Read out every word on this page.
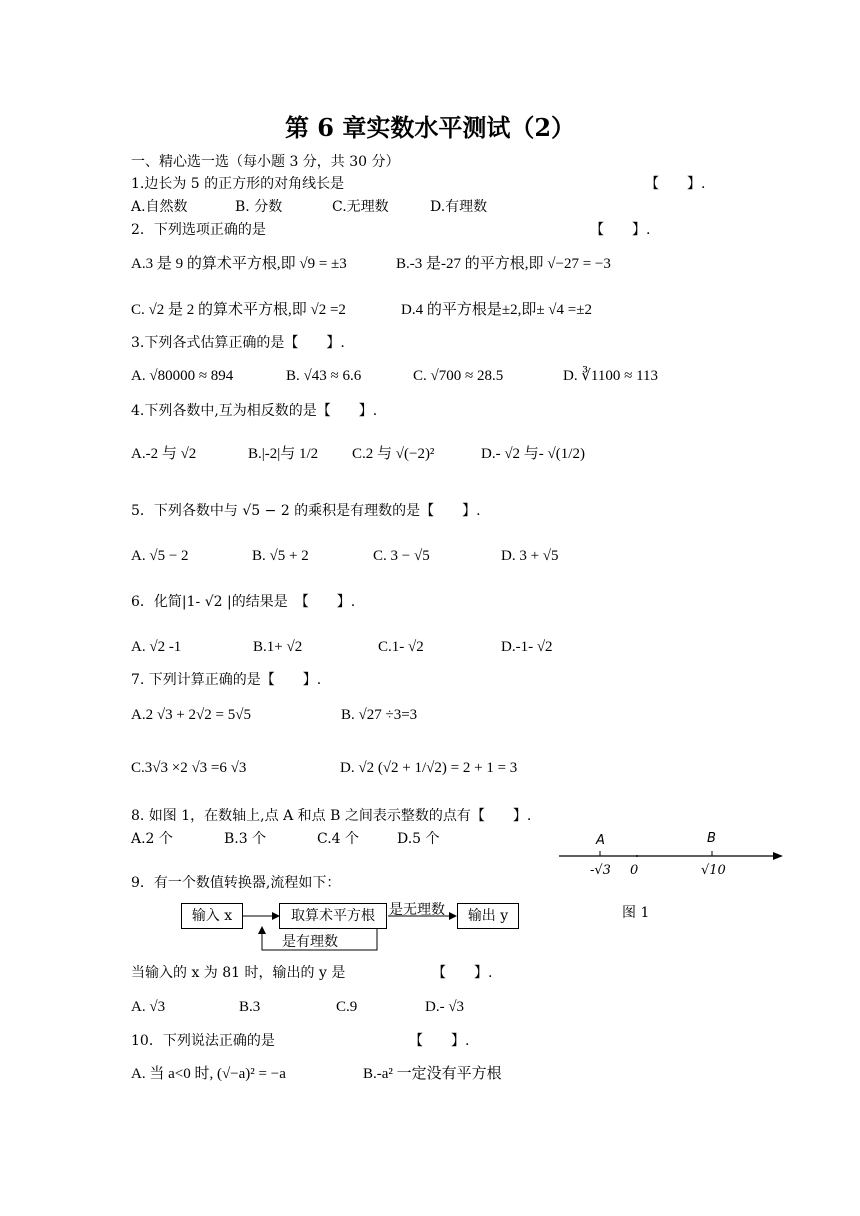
第 6 章实数水平测试（2）
一、精心选一选（每小题 3 分，共 30 分）
1.边长为 5 的正方形的对角线长是	【　　】.
A.自然数	B. 分数	C.无理数	D.有理数
2．下列选项正确的是	【　　】.
A.3 是 9 的算术平方根,即 √9 = ±3	B.-3 是-27 的平方根,即 √−27 = −3
C. √2 是 2 的算术平方根,即 √2 =2	D.4 的平方根是±2,即± √4 =±2
3.下列各式估算正确的是【　　】.
A. √80000 ≈ 894	B. √43 ≈ 6.6	C. √700 ≈ 28.5	D. ∛1100 ≈ 113
4.下列各数中,互为相反数的是【　　】.
A.-2 与 √2	B.|-2|与 1/2 C.2 与 √(−2)²	D.- √2 与- √(1/2)
5．下列各数中与 √5 − 2 的乘积是有理数的是【　　】.
A. √5 − 2	B. √5 + 2	C. 3 − √5	D. 3 + √5
6．化简|1- √2 |的结果是　【　　】.
A. √2 -1	B.1+ √2	C.1- √2	D.-1- √2
7. 下列计算正确的是【　　】.
A.2 √3 + 2√2 = 5√5	B. √27 ÷3=3
C.3√3 ×2 √3 =6 √3	D. √2 (√2 + 1/√2) = 2 + 1 = 3
8. 如图 1，在数轴上,点 A 和点 B 之间表示整数的点有【　　】.
A.2 个	B.3 个	C.4 个	D.5 个	A	B
-√3 0	√10
图 1
9．有一个数值转换器,流程如下：
输入 x	取算术平方根	输出 y
是无理数
是有理数
当输入的 x 为 81 时，输出的 y 是	【　　】.
A. √3	B.3	C.9	D.- √3
10．下列说法正确的是	【　　】.
A. 当 a<0 时, (√−a)² = −a	B.-a² 一定没有平方根
